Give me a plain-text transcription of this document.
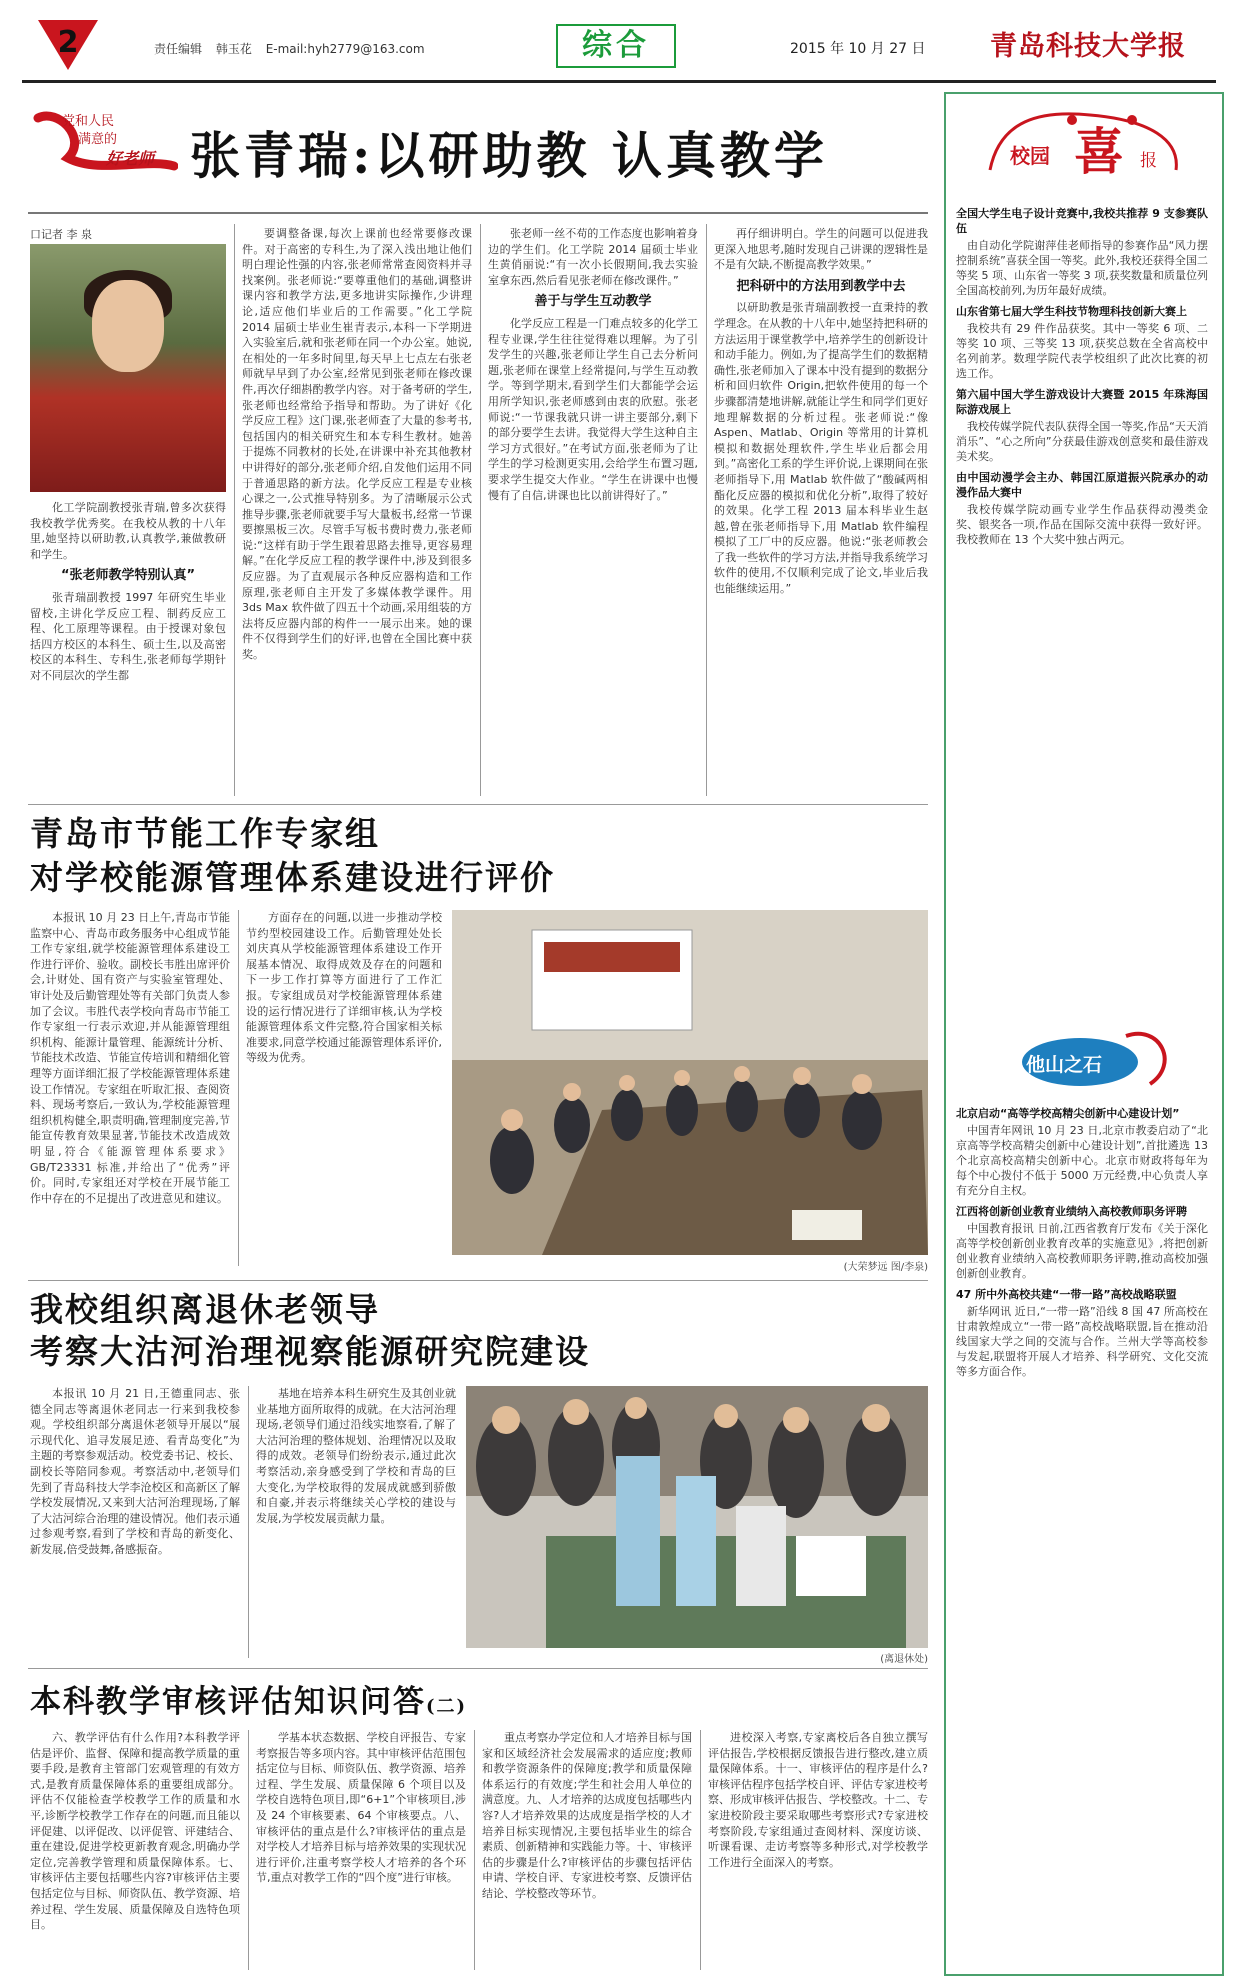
2	责任编辑 韩玉花 E-mail:hyh2779@163.com	综合	2015 年 10 月 27 日 青岛科技大学报
党和人民
满意的
好老师 张青瑞:以研助教 认真教学
口记者 李 泉

化工学院副教授张青瑞,曾多次获得我校教学优秀奖。在我校从教的十八年里,她坚持以研助教,认真教学,兼做教研和学生。

“张老师教学特别认真”

张青瑞副教授 1997 年研究生毕业留校,主讲化学反应工程、制药反应工程、化工原理等课程。由于授课对象包括四方校区的本科生、硕士生,以及高密校区的本科生、专科生,张老师每学期针对不同层次的学生都

要调整备课,每次上课前也经常要修改课件。对于高密的专科生,为了深入浅出地让他们明白理论性强的内容,张老师常常查阅资料并寻找案例。张老师说:“要尊重他们的基础,调整讲课内容和教学方法,更多地讲实际操作,少讲理论,适应他们毕业后的工作需要。”化工学院 2014 届硕士毕业生崔青表示,本科一下学期进入实验室后,就和张老师在同一个办公室。她说,在相处的一年多时间里,每天早上七点左右张老师就早早到了办公室,经常见到张老师在修改课件,再次仔细斟酌教学内容。对于备考研的学生,张老师也经常给予指导和帮助。为了讲好《化学反应工程》这门课,张老师查了大量的参考书,包括国内的相关研究生和本专科生教材。她善于提炼不同教材的长处,在讲课中补充其他教材中讲得好的部分,张老师介绍,自发他们运用不同于普通思路的新方法。化学反应工程是专业核心课之一,公式推导特别多。为了清晰展示公式推导步骤,张老师就要手写大量板书,经常一节课要擦黑板三次。尽管手写板书费时费力,张老师说:“这样有助于学生跟着思路去推导,更容易理解。”在化学反应工程的教学课件中,涉及到很多反应器。为了直观展示各种反应器构造和工作原理,张老师自主开发了多媒体教学课件。用 3ds Max 软件做了四五十个动画,采用组装的方法将反应器内部的构件一一展示出来。她的课件不仅得到学生们的好评,也曾在全国比赛中获奖。

张老师一丝不苟的工作态度也影响着身边的学生们。化工学院 2014 届硕士毕业生黄俏丽说:“有一次小长假期间,我去实验室拿东西,然后看见张老师在修改课件。”

善于与学生互动教学

化学反应工程是一门难点较多的化学工程专业课,学生往往觉得难以理解。为了引发学生的兴趣,张老师让学生自己去分析问题,张老师在课堂上经常提问,与学生互动教学。等到学期末,看到学生们大都能学会运用所学知识,张老师感到由衷的欣慰。张老师说:“一节课我就只讲一讲主要部分,剩下的部分要学生去讲。我觉得大学生这种自主学习方式很好。”在考试方面,张老师为了让学生的学习检测更实用,会给学生布置习题,要求学生提交大作业。“学生在讲课中也慢慢有了自信,讲课也比以前讲得好了。”

再仔细讲明白。学生的问题可以促进我更深入地思考,随时发现自己讲课的逻辑性是不是有欠缺,不断提高教学效果。”

把科研中的方法用到教学中去

以研助教是张青瑞副教授一直秉持的教学理念。在从教的十八年中,她坚持把科研的方法运用于课堂教学中,培养学生的创新设计和动手能力。例如,为了提高学生们的数据精确性,张老师加入了课本中没有提到的数据分析和回归软件 Origin,把软件使用的每一个步骤都清楚地讲解,就能让学生和同学们更好地理解数据的分析过程。张老师说:“像 Aspen、Matlab、Origin 等常用的计算机模拟和数据处理软件,学生毕业后都会用到。”高密化工系的学生评价说,上课期间在张老师指导下,用 Matlab 软件做了“酸碱两相酯化反应器的模拟和优化分析”,取得了较好的效果。化学工程 2013 届本科毕业生赵越,曾在张老师指导下,用 Matlab 软件编程模拟了工厂中的反应器。他说:“张老师教会了我一些软件的学习方法,并指导我系统学习软件的使用,不仅顺利完成了论文,毕业后我也能继续运用。”

青岛市节能工作专家组
对学校能源管理体系建设进行评价

本报讯 10 月 23 日上午,青岛市节能监察中心、青岛市政务服务中心组成节能工作专家组,就学校能源管理体系建设工作进行评价、验收。副校长韦胜出席评价会,计财处、国有资产与实验室管理处、审计处及后勤管理处等有关部门负责人参加了会议。韦胜代表学校向青岛市节能工作专家组一行表示欢迎,并从能源管理组织机构、能源计量管理、能源统计分析、节能技术改造、节能宣传培训和精细化管理等方面详细汇报了学校能源管理体系建设工作情况。专家组在听取汇报、查阅资料、现场考察后,一致认为,学校能源管理组织机构健全,职责明确,管理制度完善,节能宣传教育效果显著,节能技术改造成效明显,符合《能源管理体系要求》GB/T23331 标准,并给出了“优秀”评价。同时,专家组还对学校在开展节能工作中存在的不足提出了改进意见和建议。

方面存在的问题,以进一步推动学校节约型校园建设工作。后勤管理处处长刘庆真从学校能源管理体系建设工作开展基本情况、取得成效及存在的问题和下一步工作打算等方面进行了工作汇报。专家组成员对学校能源管理体系建设的运行情况进行了详细审核,认为学校能源管理体系文件完整,符合国家相关标准要求,同意学校通过能源管理体系评价,等级为优秀。

(大荣梦远 图/李泉)
我校组织离退休老领导
考察大沽河治理视察能源研究院建设

本报讯 10 月 21 日,王德重同志、张德全同志等离退休老同志一行来到我校参观。学校组织部分离退休老领导开展以“展示现代化、追寻发展足迹、看青岛变化”为主题的考察参观活动。校党委书记、校长、副校长等陪同参观。考察活动中,老领导们先到了青岛科技大学李沧校区和高新区了解学校发展情况,又来到大沽河治理现场,了解了大沽河综合治理的建设情况。他们表示通过参观考察,看到了学校和青岛的新变化、新发展,倍受鼓舞,备感振奋。

基地在培养本科生研究生及其创业就业基地方面所取得的成就。在大沽河治理现场,老领导们通过沿线实地察看,了解了大沽河治理的整体规划、治理情况以及取得的成效。老领导们纷纷表示,通过此次考察活动,亲身感受到了学校和青岛的巨大变化,为学校取得的发展成就感到骄傲和自豪,并表示将继续关心学校的建设与发展,为学校发展贡献力量。

(离退休处)
本科教学审核评估知识问答(二)

六、教学评估有什么作用?本科教学评估是评价、监督、保障和提高教学质量的重要手段,是教育主管部门宏观管理的有效方式,是教育质量保障体系的重要组成部分。评估不仅能检查学校教学工作的质量和水平,诊断学校教学工作存在的问题,而且能以评促建、以评促改、以评促管、评建结合、重在建设,促进学校更新教育观念,明确办学定位,完善教学管理和质量保障体系。七、审核评估主要包括哪些内容?审核评估主要包括定位与目标、师资队伍、教学资源、培养过程、学生发展、质量保障及自选特色项目。

学基本状态数据、学校自评报告、专家考察报告等多项内容。其中审核评估范围包括定位与目标、师资队伍、教学资源、培养过程、学生发展、质量保障 6 个项目以及学校自选特色项目,即“6+1”个审核项目,涉及 24 个审核要素、64 个审核要点。八、审核评估的重点是什么?审核评估的重点是对学校人才培养目标与培养效果的实现状况进行评价,注重考察学校人才培养的各个环节,重点对教学工作的“四个度”进行审核。

重点考察办学定位和人才培养目标与国家和区域经济社会发展需求的适应度;教师和教学资源条件的保障度;教学和质量保障体系运行的有效度;学生和社会用人单位的满意度。九、人才培养的达成度包括哪些内容?人才培养效果的达成度是指学校的人才培养目标实现情况,主要包括毕业生的综合素质、创新精神和实践能力等。十、审核评估的步骤是什么?审核评估的步骤包括评估申请、学校自评、专家进校考察、反馈评估结论、学校整改等环节。

进校深入考察,专家离校后各自独立撰写评估报告,学校根据反馈报告进行整改,建立质量保障体系。十一、审核评估的程序是什么?审核评估程序包括学校自评、评估专家进校考察、形成审核评估报告、学校整改。十二、专家进校阶段主要采取哪些考察形式?专家进校考察阶段,专家组通过查阅材料、深度访谈、听课看课、走访考察等多种形式,对学校教学工作进行全面深入的考察。

校园 喜 报
全国大学生电子设计竞赛中,我校共推荐 9 支参赛队伍

由自动化学院谢萍佳老师指导的参赛作品“风力摆控制系统”喜获全国一等奖。此外,我校还获得全国二等奖 5 项、山东省一等奖 3 项,获奖数量和质量位列全国高校前列,为历年最好成绩。

山东省第七届大学生科技节物理科技创新大赛上

我校共有 29 件作品获奖。其中一等奖 6 项、二等奖 10 项、三等奖 13 项,获奖总数在全省高校中名列前茅。数理学院代表学校组织了此次比赛的初选工作。

第六届中国大学生游戏设计大赛暨 2015 年珠海国际游戏展上

我校传媒学院代表队获得全国一等奖,作品“天天消消乐”、“心之所向”分获最佳游戏创意奖和最佳游戏美术奖。

由中国动漫学会主办、韩国江原道振兴院承办的动漫作品大赛中

我校传媒学院动画专业学生作品获得动漫类金奖、银奖各一项,作品在国际交流中获得一致好评。我校教师在 13 个大奖中独占两元。

他山之石
北京启动“高等学校高精尖创新中心建设计划”

中国青年网讯 10 月 23 日,北京市教委启动了“北京高等学校高精尖创新中心建设计划”,首批遴选 13 个北京高校高精尖创新中心。北京市财政将每年为每个中心拨付不低于 5000 万元经费,中心负责人享有充分自主权。

江西将创新创业教育业绩纳入高校教师职务评聘

中国教育报讯 日前,江西省教育厅发布《关于深化高等学校创新创业教育改革的实施意见》,将把创新创业教育业绩纳入高校教师职务评聘,推动高校加强创新创业教育。

47 所中外高校共建“一带一路”高校战略联盟

新华网讯 近日,“一带一路”沿线 8 国 47 所高校在甘肃敦煌成立“一带一路”高校战略联盟,旨在推动沿线国家大学之间的交流与合作。兰州大学等高校参与发起,联盟将开展人才培养、科学研究、文化交流等多方面合作。
